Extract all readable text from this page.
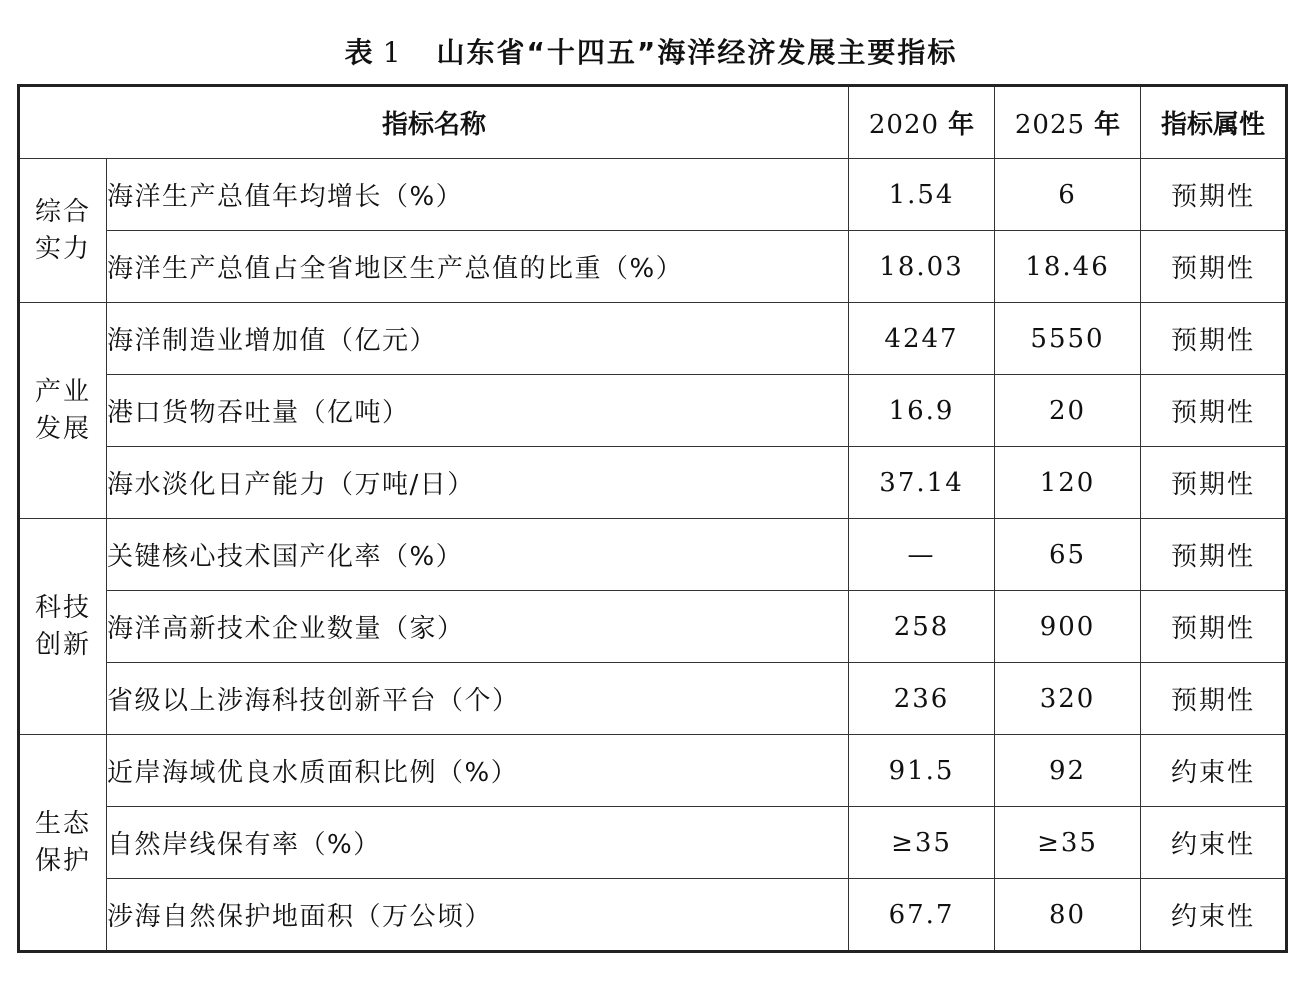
表 1 山东省“十四五”海洋经济发展主要指标
指标名称		2020 年	2025 年	指标属性

综合
实力	海洋生产总值年均增长（%）	1.54	6	预期性
	海洋生产总值占全省地区生产总值的比重（%）	18.03	18.46	预期性

产业
发展	海洋制造业增加值（亿元）	4247	5550	预期性
	港口货物吞吐量（亿吨）	16.9	20	预期性
	海水淡化日产能力（万吨/日）	37.14	120	预期性

科技
创新	关键核心技术国产化率（%）	—	65	预期性
	海洋高新技术企业数量（家）	258	900	预期性
	省级以上涉海科技创新平台（个）	236	320	预期性

生态
保护	近岸海域优良水质面积比例（%）	91.5	92	约束性
	自然岸线保有率（%）	≥35	≥35	约束性
	涉海自然保护地面积（万公顷）	67.7	80	约束性
